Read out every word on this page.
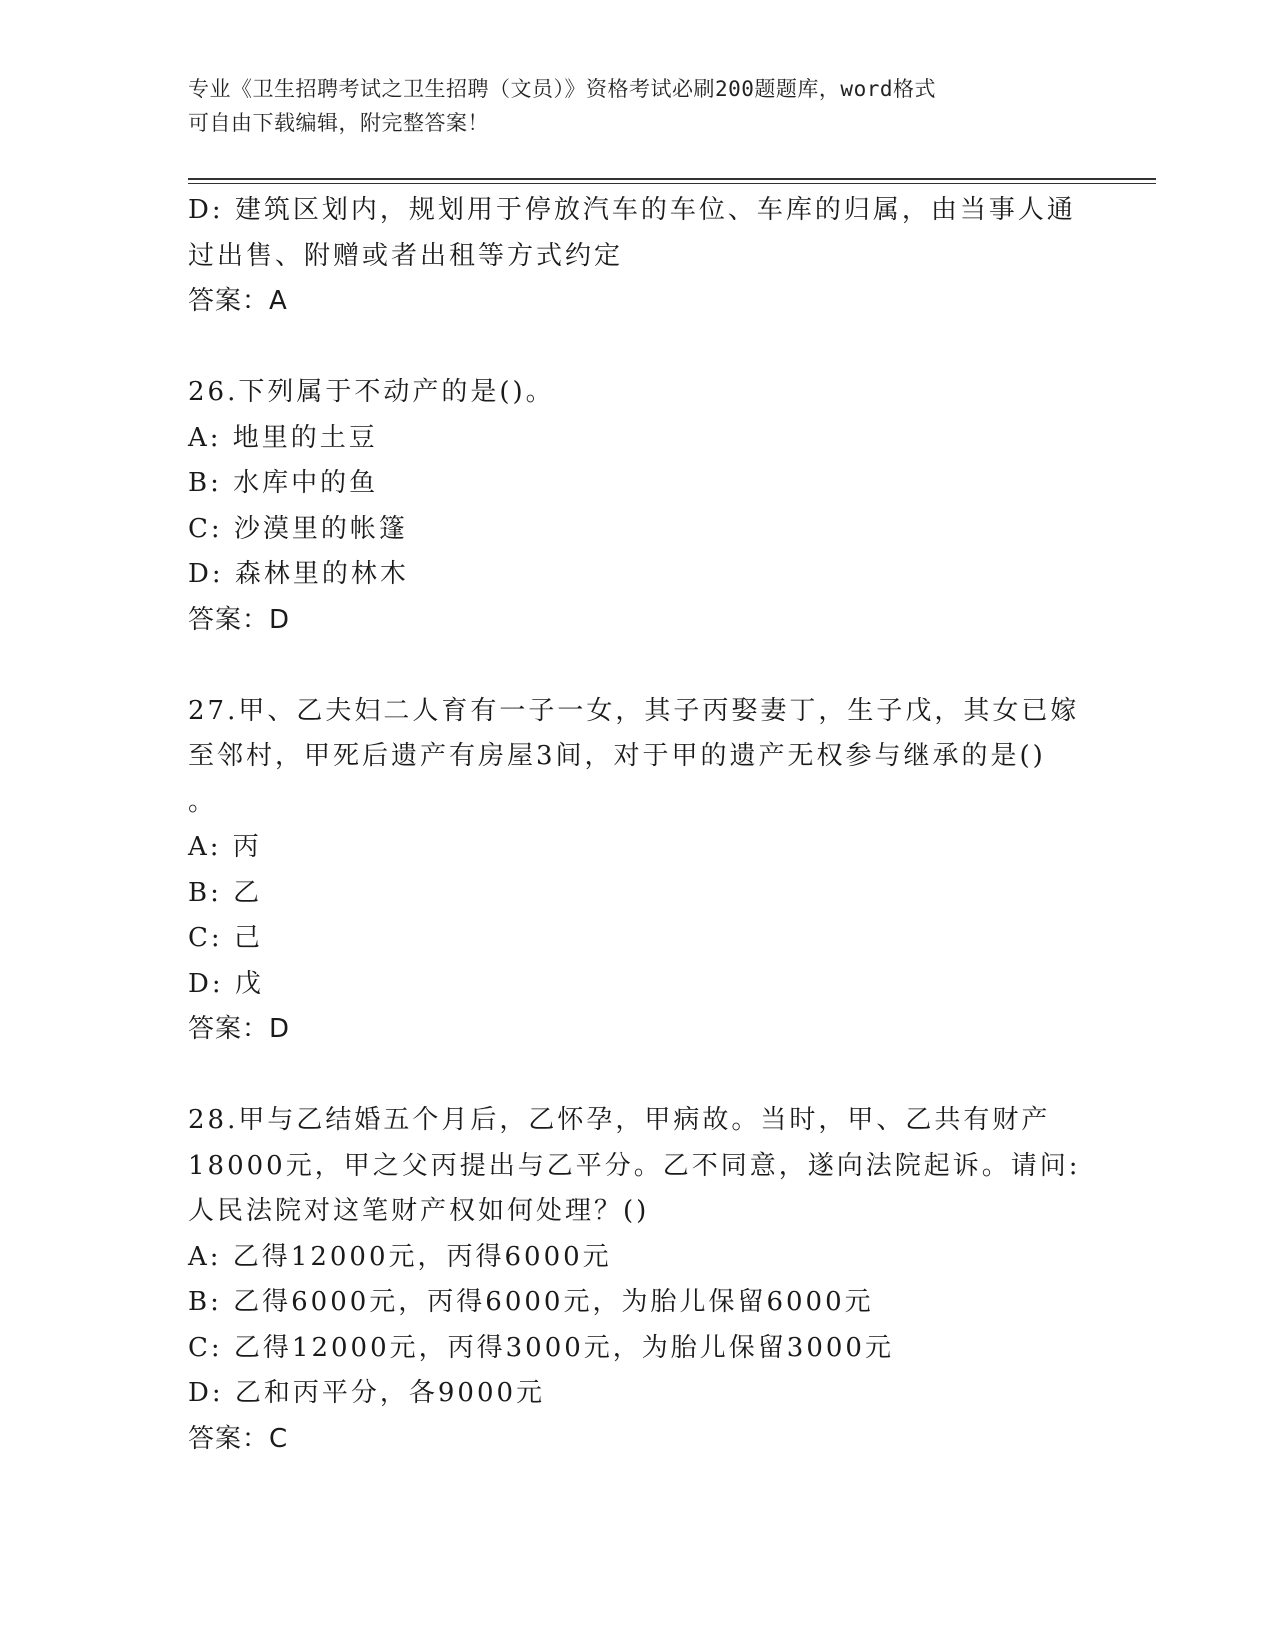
专业《卫生招聘考试之卫生招聘（文员）》资格考试必刷200题题库，word格式
可自由下载编辑，附完整答案！
D: 建筑区划内，规划用于停放汽车的车位、车库的归属，由当事人通
过出售、附赠或者出租等方式约定
答案：A
26.下列属于不动产的是()。
A: 地里的土豆
B: 水库中的鱼
C: 沙漠里的帐篷
D: 森林里的林木
答案：D
27.甲、乙夫妇二人育有一子一女，其子丙娶妻丁，生子戊，其女已嫁
至邻村，甲死后遗产有房屋3间，对于甲的遗产无权参与继承的是()
。
A: 丙
B: 乙
C: 己
D: 戊
答案：D
28.甲与乙结婚五个月后，乙怀孕，甲病故。当时，甲、乙共有财产
18000元，甲之父丙提出与乙平分。乙不同意，遂向法院起诉。请问:
人民法院对这笔财产权如何处理？()
A: 乙得12000元，丙得6000元
B: 乙得6000元，丙得6000元，为胎儿保留6000元
C: 乙得12000元，丙得3000元，为胎儿保留3000元
D: 乙和丙平分，各9000元
答案：C
